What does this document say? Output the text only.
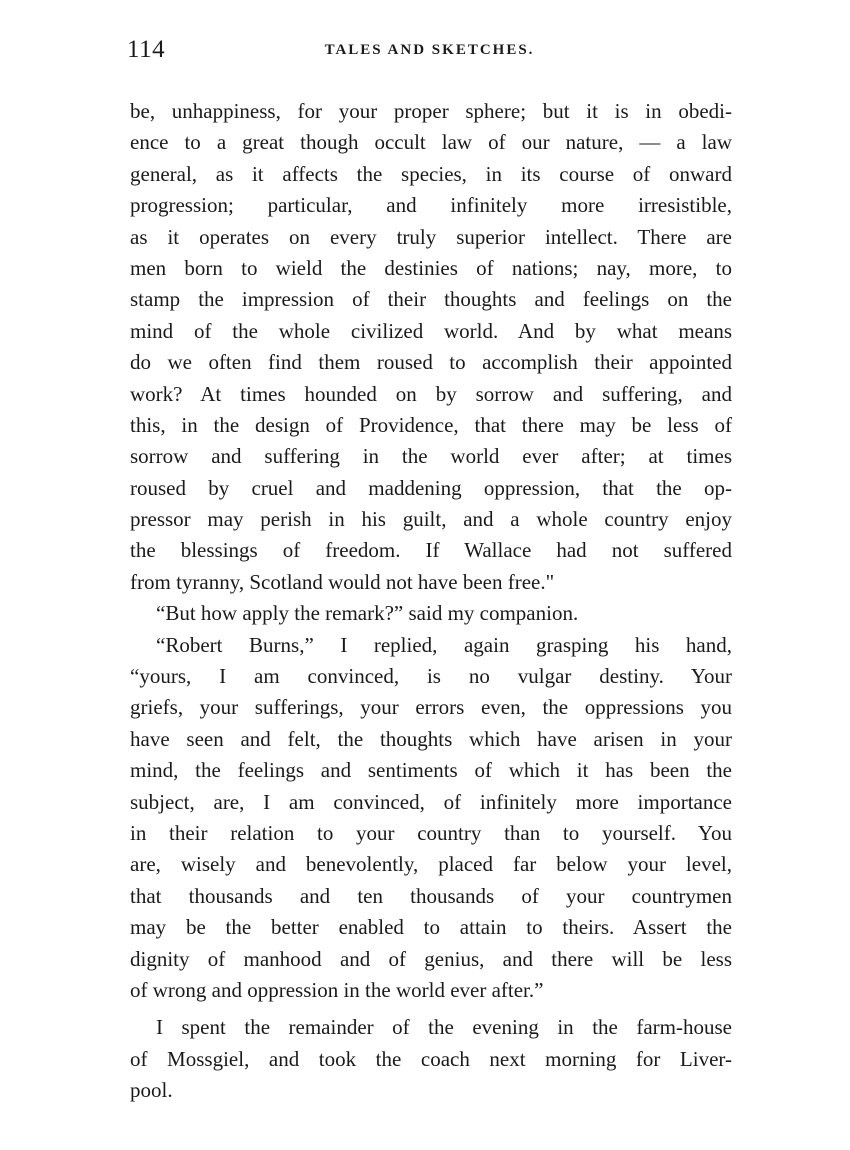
114	TALES AND SKETCHES.
be, unhappiness, for your proper sphere; but it is in obedi-
ence to a great though occult law of our nature, — a law
general, as it affects the species, in its course of onward
progression; particular, and infinitely more irresistible,
as it operates on every truly superior intellect. There are
men born to wield the destinies of nations; nay, more, to
stamp the impression of their thoughts and feelings on the
mind of the whole civilized world. And by what means
do we often find them roused to accomplish their appointed
work? At times hounded on by sorrow and suffering, and
this, in the design of Providence, that there may be less of
sorrow and suffering in the world ever after; at times
roused by cruel and maddening oppression, that the op-
pressor may perish in his guilt, and a whole country enjoy
the blessings of freedom. If Wallace had not suffered
from tyranny, Scotland would not have been free."
“But how apply the remark?” said my companion.
“Robert Burns,” I replied, again grasping his hand,
“yours, I am convinced, is no vulgar destiny. Your
griefs, your sufferings, your errors even, the oppressions you
have seen and felt, the thoughts which have arisen in your
mind, the feelings and sentiments of which it has been the
subject, are, I am convinced, of infinitely more importance
in their relation to your country than to yourself. You
are, wisely and benevolently, placed far below your level,
that thousands and ten thousands of your countrymen
may be the better enabled to attain to theirs. Assert the
dignity of manhood and of genius, and there will be less
of wrong and oppression in the world ever after.”
I spent the remainder of the evening in the farm-house
of Mossgiel, and took the coach next morning for Liver-
pool.
